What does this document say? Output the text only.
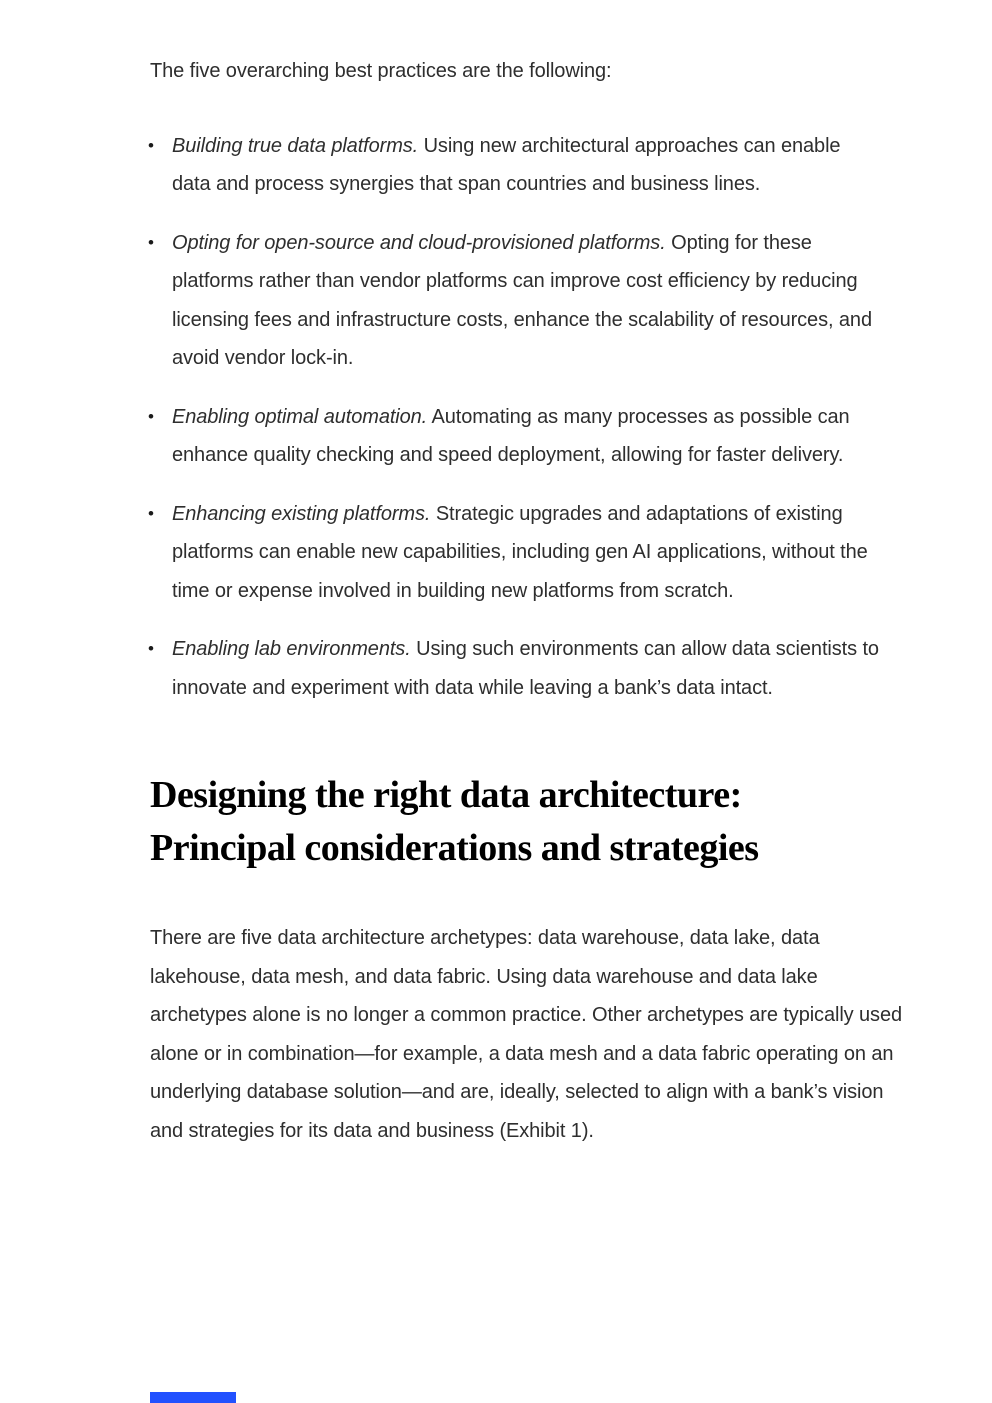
The five overarching best practices are the following:

• Building true data platforms. Using new architectural approaches can enable data and process synergies that span countries and business lines.
• Opting for open-source and cloud-provisioned platforms. Opting for these platforms rather than vendor platforms can improve cost efficiency by reducing licensing fees and infrastructure costs, enhance the scalability of resources, and avoid vendor lock-in.
• Enabling optimal automation. Automating as many processes as possible can enhance quality checking and speed deployment, allowing for faster delivery.
• Enhancing existing platforms. Strategic upgrades and adaptations of existing platforms can enable new capabilities, including gen AI applications, without the time or expense involved in building new platforms from scratch.
• Enabling lab environments. Using such environments can allow data scientists to innovate and experiment with data while leaving a bank’s data intact.
Designing the right data architecture:
Principal considerations and strategies

There are five data architecture archetypes: data warehouse, data lake, data lakehouse, data mesh, and data fabric. Using data warehouse and data lake archetypes alone is no longer a common practice. Other archetypes are typically used alone or in combination—for example, a data mesh and a data fabric operating on an underlying database solution—and are, ideally, selected to align with a bank’s vision and strategies for its data and business (Exhibit 1).
